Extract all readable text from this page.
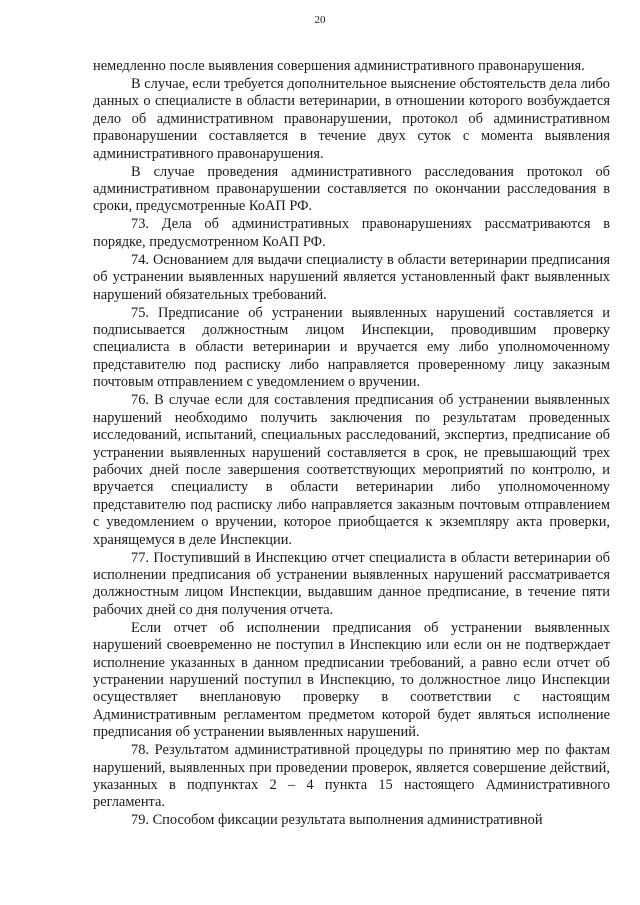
20

немедленно после выявления совершения административного правонарушения.

В случае, если требуется дополнительное выяснение обстоятельств дела либо данных о специалисте в области ветеринарии, в отношении которого возбуждается дело об административном правонарушении, протокол об административном правонарушении составляется в течение двух суток с момента выявления административного правонарушения.

В случае проведения административного расследования протокол об административном правонарушении составляется по окончании расследования в сроки, предусмотренные КоАП РФ.

73. Дела об административных правонарушениях рассматриваются в порядке, предусмотренном КоАП РФ.

74. Основанием для выдачи специалисту в области ветеринарии предписания об устранении выявленных нарушений является установленный факт выявленных нарушений обязательных требований.

75. Предписание об устранении выявленных нарушений составляется и подписывается должностным лицом Инспекции, проводившим проверку специалиста в области ветеринарии и вручается ему либо уполномоченному представителю под расписку либо направляется проверенному лицу заказным почтовым отправлением с уведомлением о вручении.

76. В случае если для составления предписания об устранении выявленных нарушений необходимо получить заключения по результатам проведенных исследований, испытаний, специальных расследований, экспертиз, предписание об устранении выявленных нарушений составляется в срок, не превышающий трех рабочих дней после завершения соответствующих мероприятий по контролю, и вручается специалисту в области ветеринарии либо уполномоченному представителю под расписку либо направляется заказным почтовым отправлением с уведомлением о вручении, которое приобщается к экземпляру акта проверки, хранящемуся в деле Инспекции.

77. Поступивший в Инспекцию отчет специалиста в области ветеринарии об исполнении предписания об устранении выявленных нарушений рассматривается должностным лицом Инспекции, выдавшим данное предписание, в течение пяти рабочих дней со дня получения отчета.

Если отчет об исполнении предписания об устранении выявленных нарушений своевременно не поступил в Инспекцию или если он не подтверждает исполнение указанных в данном предписании требований, а равно если отчет об устранении нарушений поступил в Инспекцию, то должностное лицо Инспекции осуществляет внеплановую проверку в соответствии с настоящим Административным регламентом предметом которой будет являться исполнение предписания об устранении выявленных нарушений.

78. Результатом административной процедуры по принятию мер по фактам нарушений, выявленных при проведении проверок, является совершение действий, указанных в подпунктах 2 – 4 пункта 15 настоящего Административного регламента.

79. Способом фиксации результата выполнения административной
